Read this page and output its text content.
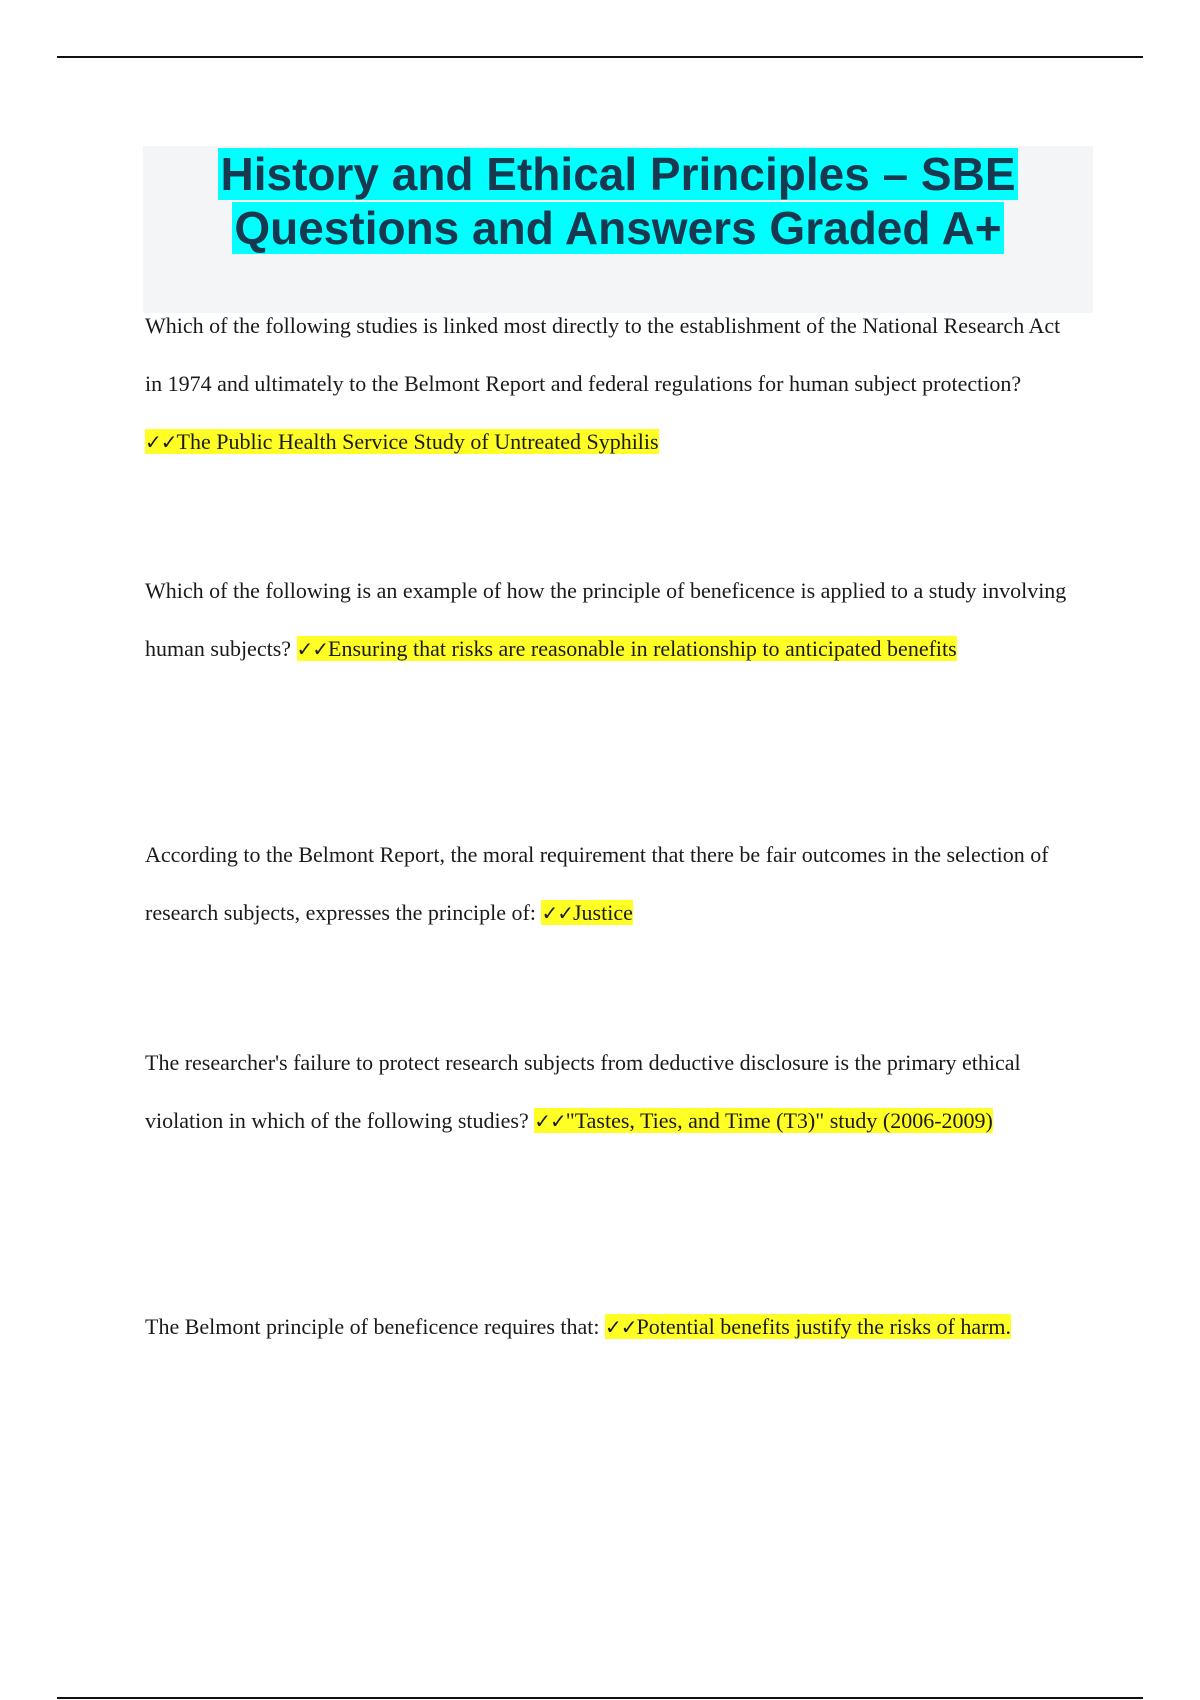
History and Ethical Principles – SBE Questions and Answers Graded A+

Which of the following studies is linked most directly to the establishment of the National Research Act in 1974 and ultimately to the Belmont Report and federal regulations for human subject protection? ✓✓The Public Health Service Study of Untreated Syphilis

Which of the following is an example of how the principle of beneficence is applied to a study involving human subjects? ✓✓Ensuring that risks are reasonable in relationship to anticipated benefits

According to the Belmont Report, the moral requirement that there be fair outcomes in the selection of research subjects, expresses the principle of: ✓✓Justice

The researcher's failure to protect research subjects from deductive disclosure is the primary ethical violation in which of the following studies? ✓✓"Tastes, Ties, and Time (T3)" study (2006-2009)

The Belmont principle of beneficence requires that: ✓✓Potential benefits justify the risks of harm.
